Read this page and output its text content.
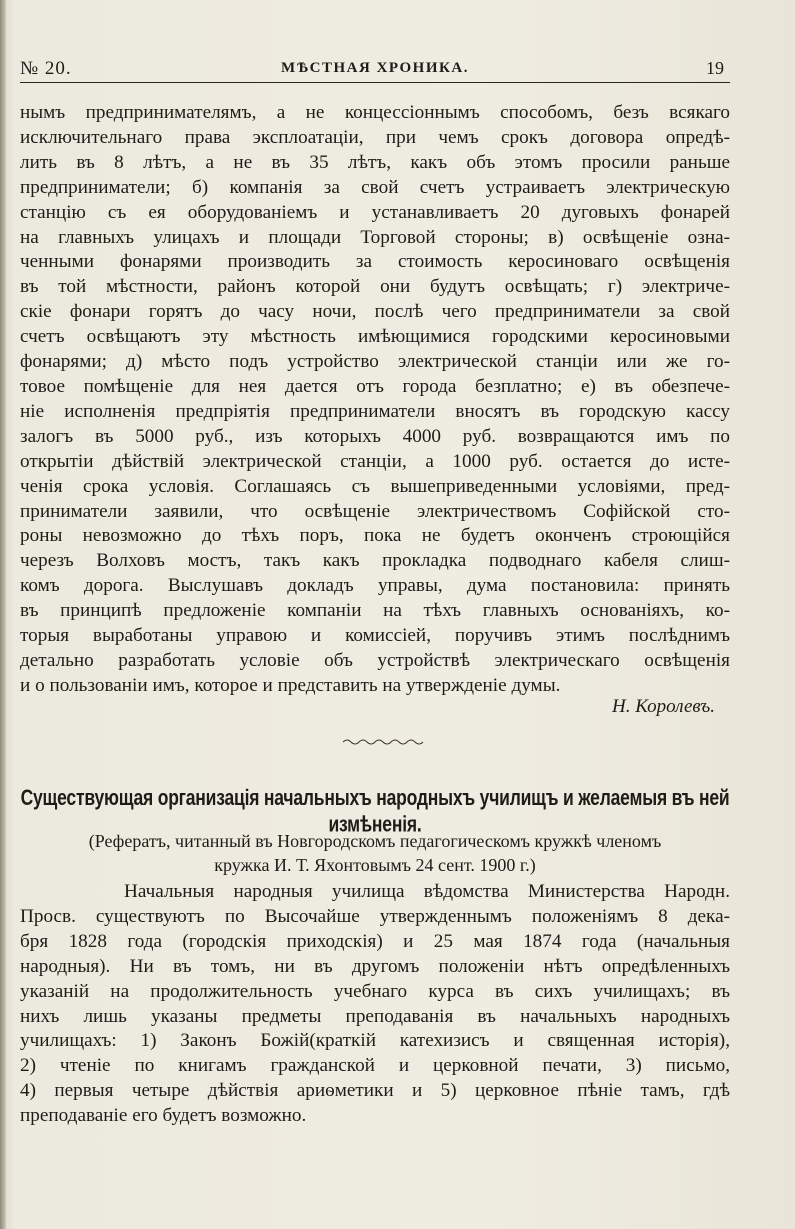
№ 20.	МѢСТНАЯ ХРОНИКА.	19
нымъ предпринимателямъ, а не концессіоннымъ способомъ, безъ всякаго
исключительнаго права эксплоатаціи, при чемъ срокъ договора опредѣ-
лить въ 8 лѣтъ, а не въ 35 лѣтъ, какъ объ этомъ просили раньше
предприниматели; б) компанія за свой счетъ устраиваетъ электрическую
станцію съ ея оборудованіемъ и устанавливаетъ 20 дуговыхъ фонарей
на главныхъ улицахъ и площади Торговой стороны; в) освѣщеніе озна-
ченными фонарями производить за стоимость керосиноваго освѣщенія
въ той мѣстности, районъ которой они будутъ освѣщать; г) электриче-
скіе фонари горятъ до часу ночи, послѣ чего предприниматели за свой
счетъ освѣщаютъ эту мѣстность имѣющимися городскими керосиновыми
фонарями; д) мѣсто подъ устройство электрической станціи или же го-
товое помѣщеніе для нея дается отъ города безплатно; е) въ обезпече-
ніе исполненія предпріятія предприниматели вносятъ въ городскую кассу
залогъ въ 5000 руб., изъ которыхъ 4000 руб. возвращаются имъ по
открытіи дѣйствій электрической станціи, а 1000 руб. остается до исте-
ченія срока условія. Соглашаясь съ вышеприведенными условіями, пред-
приниматели заявили, что освѣщеніе электричествомъ Софійской сто-
роны невозможно до тѣхъ поръ, пока не будетъ оконченъ строющійся
черезъ Волховъ мостъ, такъ какъ прокладка подводнаго кабеля слиш-
комъ дорога. Выслушавъ докладъ управы, дума постановила: принять
въ принципѣ предложеніе компаніи на тѣхъ главныхъ основаніяхъ, ко-
торыя выработаны управою и комиссіей, поручивъ этимъ послѣднимъ
детально разработать условіе объ устройствѣ электрическаго освѣщенія
и о пользованіи имъ, которое и представить на утвержденіе думы.
Н. Королевъ.
Существующая организація начальныхъ народныхъ училищъ и желаемыя въ ней измѣненія.
(Рефератъ, читанный въ Новгородскомъ педагогическомъ кружкѣ членомъ
кружка И. Т. Яхонтовымъ 24 сент. 1900 г.)
Начальныя народныя училища вѣдомства Министерства Народн.
Просв. существуютъ по Высочайше утвержденнымъ положеніямъ 8 дека-
бря 1828 года (городскія приходскія) и 25 мая 1874 года (начальныя
народныя). Ни въ томъ, ни въ другомъ положеніи нѣтъ опредѣленныхъ
указаній на продолжительность учебнаго курса въ сихъ училищахъ; въ
нихъ лишь указаны предметы преподаванія въ начальныхъ народныхъ
училищахъ: 1) Законъ Божій(краткій катехизисъ и священная исторія),
2) чтеніе по книгамъ гражданской и церковной печати, 3) письмо,
4) первыя четыре дѣйствія ариѳметики и 5) церковное пѣніе тамъ, гдѣ
преподаваніе его будетъ возможно.
